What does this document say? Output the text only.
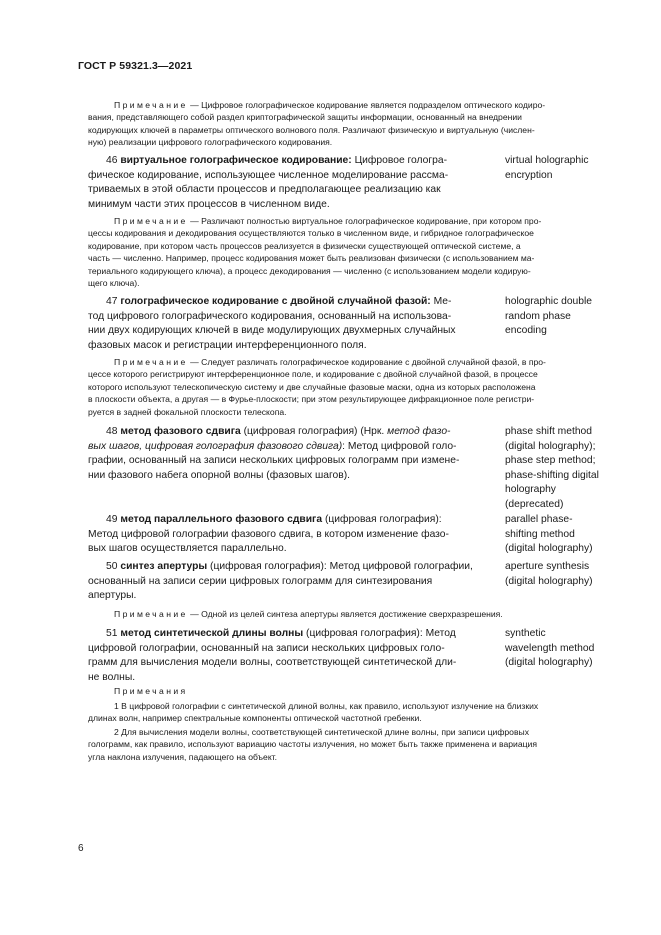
ГОСТ Р 59321.3—2021
Примечание — Цифровое голографическое кодирование является подразделом оптического кодиро-
вания, представляющего собой раздел криптографической защиты информации, основанный на внедрении
кодирующих ключей в параметры оптического волнового поля. Различают физическую и виртуальную (числен-
ную) реализации цифрового голографического кодирования.
46 виртуальное голографическое кодирование: Цифровое гологра-
фическое кодирование, использующее численное моделирование рассма-
триваемых в этой области процессов и предполагающее реализацию как
минимум части этих процессов в численном виде.
virtual holographic
encryption
Примечание — Различают полностью виртуальное голографическое кодирование, при котором про-
цессы кодирования и декодирования осуществляются только в численном виде, и гибридное голографическое
кодирование, при котором часть процессов реализуется в физически существующей оптической системе, а
часть — численно. Например, процесс кодирования может быть реализован физически (с использованием ма-
териального кодирующего ключа), а процесс декодирования — численно (с использованием модели кодирую-
щего ключа).
47 голографическое кодирование с двойной случайной фазой: Ме-
тод цифрового голографического кодирования, основанный на использова-
нии двух кодирующих ключей в виде модулирующих двухмерных случайных
фазовых масок и регистрации интерференционного поля.
holographic double
random phase
encoding
Примечание — Следует различать голографическое кодирование с двойной случайной фазой, в про-
цессе которого регистрируют интерференционное поле, и кодирование с двойной случайной фазой, в процессе
которого используют телескопическую систему и две случайные фазовые маски, одна из которых расположена
в плоскости объекта, а другая — в Фурье-плоскости; при этом результирующее дифракционное поле регистри-
руется в задней фокальной плоскости телескопа.
48 метод фазового сдвига (цифровая голография) (Нрк. метод фазо-
вых шагов, цифровая голография фазового сдвига): Метод цифровой голо-
графии, основанный на записи нескольких цифровых голограмм при измене-
нии фазового набега опорной волны (фазовых шагов).
phase shift method
(digital holography);
phase step method;
phase-shifting digital
holography
(deprecated)
49 метод параллельного фазового сдвига (цифровая голография):
Метод цифровой голографии фазового сдвига, в котором изменение фазо-
вых шагов осуществляется параллельно.
parallel phase-
shifting method
(digital holography)
50 синтез апертуры (цифровая голография): Метод цифровой голографии,
основанный на записи серии цифровых голограмм для синтезирования
апертуры.
aperture synthesis
(digital holography)
Примечание — Одной из целей синтеза апертуры является достижение сверхразрешения.
51 метод синтетической длины волны (цифровая голография): Метод
цифровой голографии, основанный на записи нескольких цифровых голо-
грамм для вычисления модели волны, соответствующей синтетической дли-
не волны.
synthetic
wavelength method
(digital holography)
Примечания
1 В цифровой голографии с синтетической длиной волны, как правило, используют излучение на близких
длинах волн, например спектральные компоненты оптической частотной гребенки.
2 Для вычисления модели волны, соответствующей синтетической длине волны, при записи цифровых
голограмм, как правило, используют вариацию частоты излучения, но может быть также применена и вариация
угла наклона излучения, падающего на объект.
6
